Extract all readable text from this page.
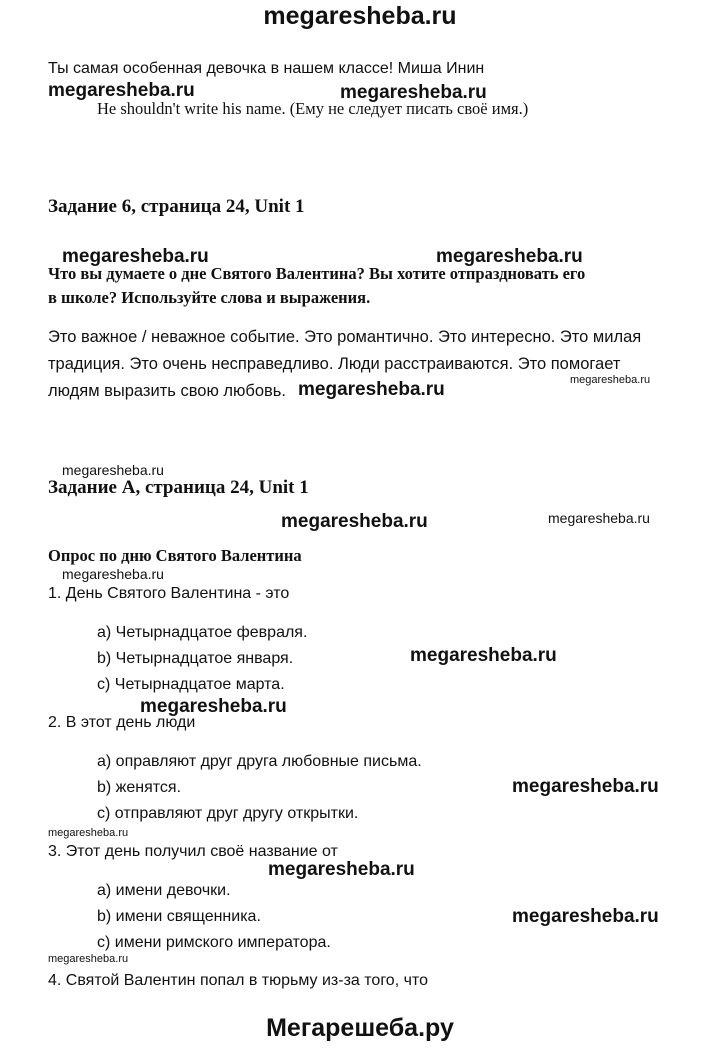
megaresheba.ru
Ты самая особенная девочка в нашем классе! Миша Инин
megaresheba.ru	megaresheba.ru
He shouldn't write his name. (Ему не следует писать своё имя.)
Задание 6, страница 24, Unit 1
megaresheba.ru	megaresheba.ru
Что вы думаете о дне Святого Валентина? Вы хотите отпраздновать его
в школе? Используйте слова и выражения.
Это важное / неважное событие. Это романтично. Это интересно. Это милая
традиция. Это очень несправедливо. Люди расстраиваются. Это помогает
megaresheba.ru
людям выразить свою любовь. megaresheba.ru
megaresheba.ru
Задание А, страница 24, Unit 1
megaresheba.ru	megaresheba.ru
Опрос по дню Святого Валентина
megaresheba.ru
1. День Святого Валентина - это
a) Четырнадцатое февраля.
megaresheba.ru
b) Четырнадцатое января.
c) Четырнадцатое марта.
megaresheba.ru
2. В этот день люди
a) оправляют друг друга любовные письма.
megaresheba.ru
b) женятся.
c) отправляют друг другу открытки.
megaresheba.ru
3. Этот день получил своё название от
megaresheba.ru
a) имени девочки.
megaresheba.ru
b) имени священника.
c) имени римского императора.
megaresheba.ru
4. Святой Валентин попал в тюрьму из-за того, что
Мегарешеба.ру
